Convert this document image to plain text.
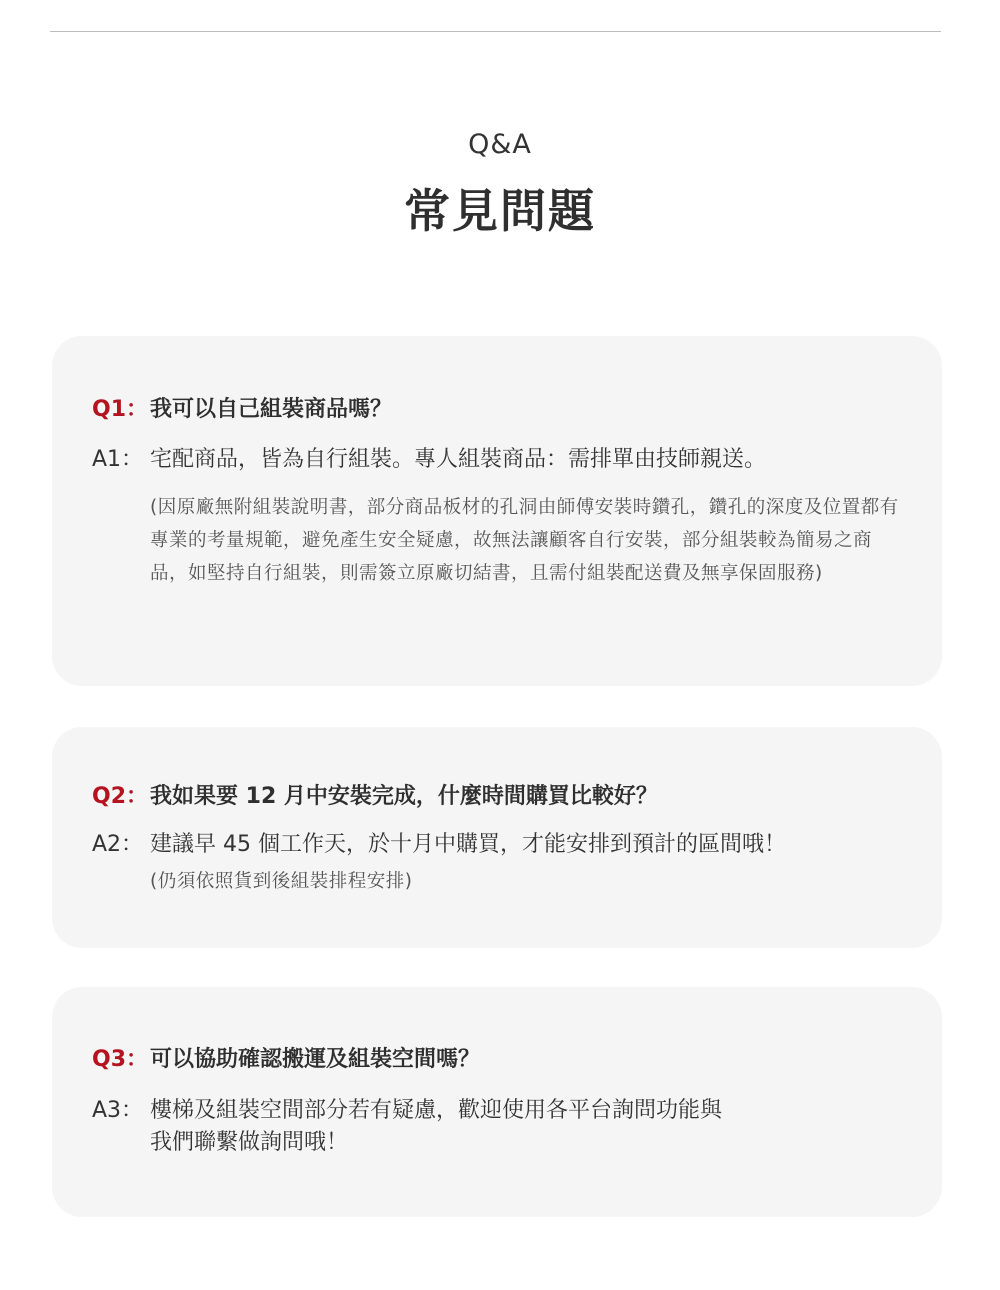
Q&A
常見問題
Q1： 我可以自己組裝商品嗎？
A1： 宅配商品，皆為自行組裝。專人組裝商品：需排單由技師親送。
(因原廠無附組裝說明書，部分商品板材的孔洞由師傅安裝時鑽孔，鑽孔的深度及位置都有專業的考量規範，避免產生安全疑慮，故無法讓顧客自行安裝，部分組裝較為簡易之商品，如堅持自行組裝，則需簽立原廠切結書，且需付組裝配送費及無享保固服務)
Q2： 我如果要 12 月中安裝完成，什麼時間購買比較好？
A2： 建議早 45 個工作天，於十月中購買，才能安排到預計的區間哦！
(仍須依照貨到後組裝排程安排)
Q3： 可以協助確認搬運及組裝空間嗎？
A3： 樓梯及組裝空間部分若有疑慮，歡迎使用各平台詢問功能與
我們聯繫做詢問哦！
